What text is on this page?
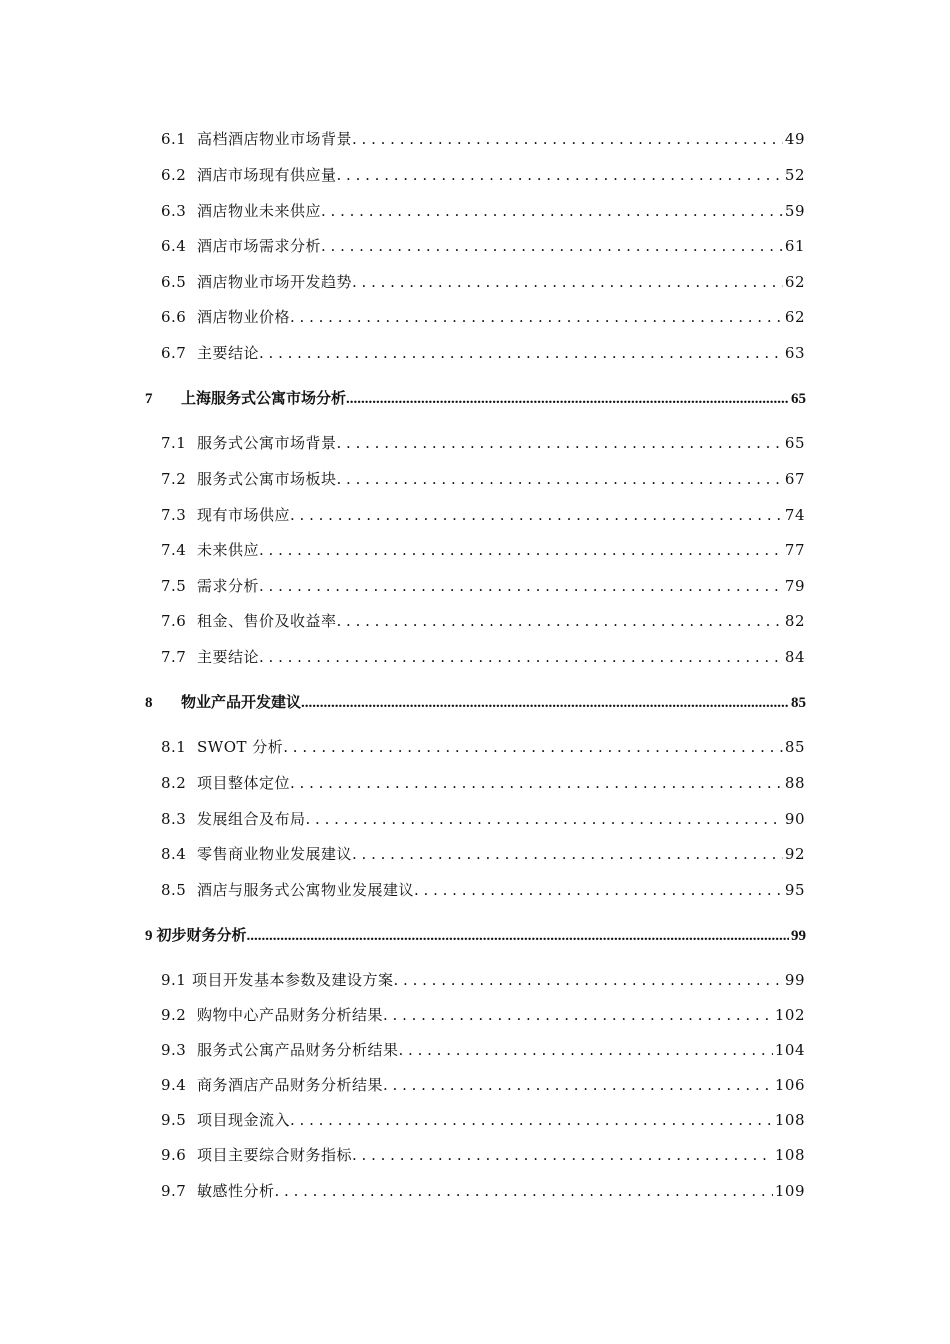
6.1 高档酒店物业市场背景 . . .	49
6.2 酒店市场现有供应量 . . .	52
6.3 酒店物业未来供应 . . .	59
6.4 酒店市场需求分析 . . .	61
6.5 酒店物业市场开发趋势 . . .	62
6.6 酒店物业价格 . . .	62
6.7 主要结论 . . .	63
7	上海服务式公寓市场分析 .....	65
7.1 服务式公寓市场背景 . . .	65
7.2 服务式公寓市场板块 . . .	67
7.3 现有市场供应 . . .	74
7.4 未来供应 . . .	77
7.5 需求分析 . . .	79
7.6 租金、售价及收益率 . . .	82
7.7 主要结论 . . .	84
8	物业产品开发建议 .....	85
8.1 SWOT 分析 . . .	85
8.2 项目整体定位 . . .	88
8.3 发展组合及布局 . . .	90
8.4 零售商业物业发展建议 . . .	92
8.5 酒店与服务式公寓物业发展建议 . . .	95
9 初步财务分析 .....	99
9.1 项目开发基本参数及建设方案 . . .	99
9.2 购物中心产品财务分析结果 . . .	102
9.3 服务式公寓产品财务分析结果 . . .	104
9.4 商务酒店产品财务分析结果 . . .	106
9.5 项目现金流入 . . .	108
9.6 项目主要综合财务指标 . . .	108
9.7 敏感性分析 . . .	109
